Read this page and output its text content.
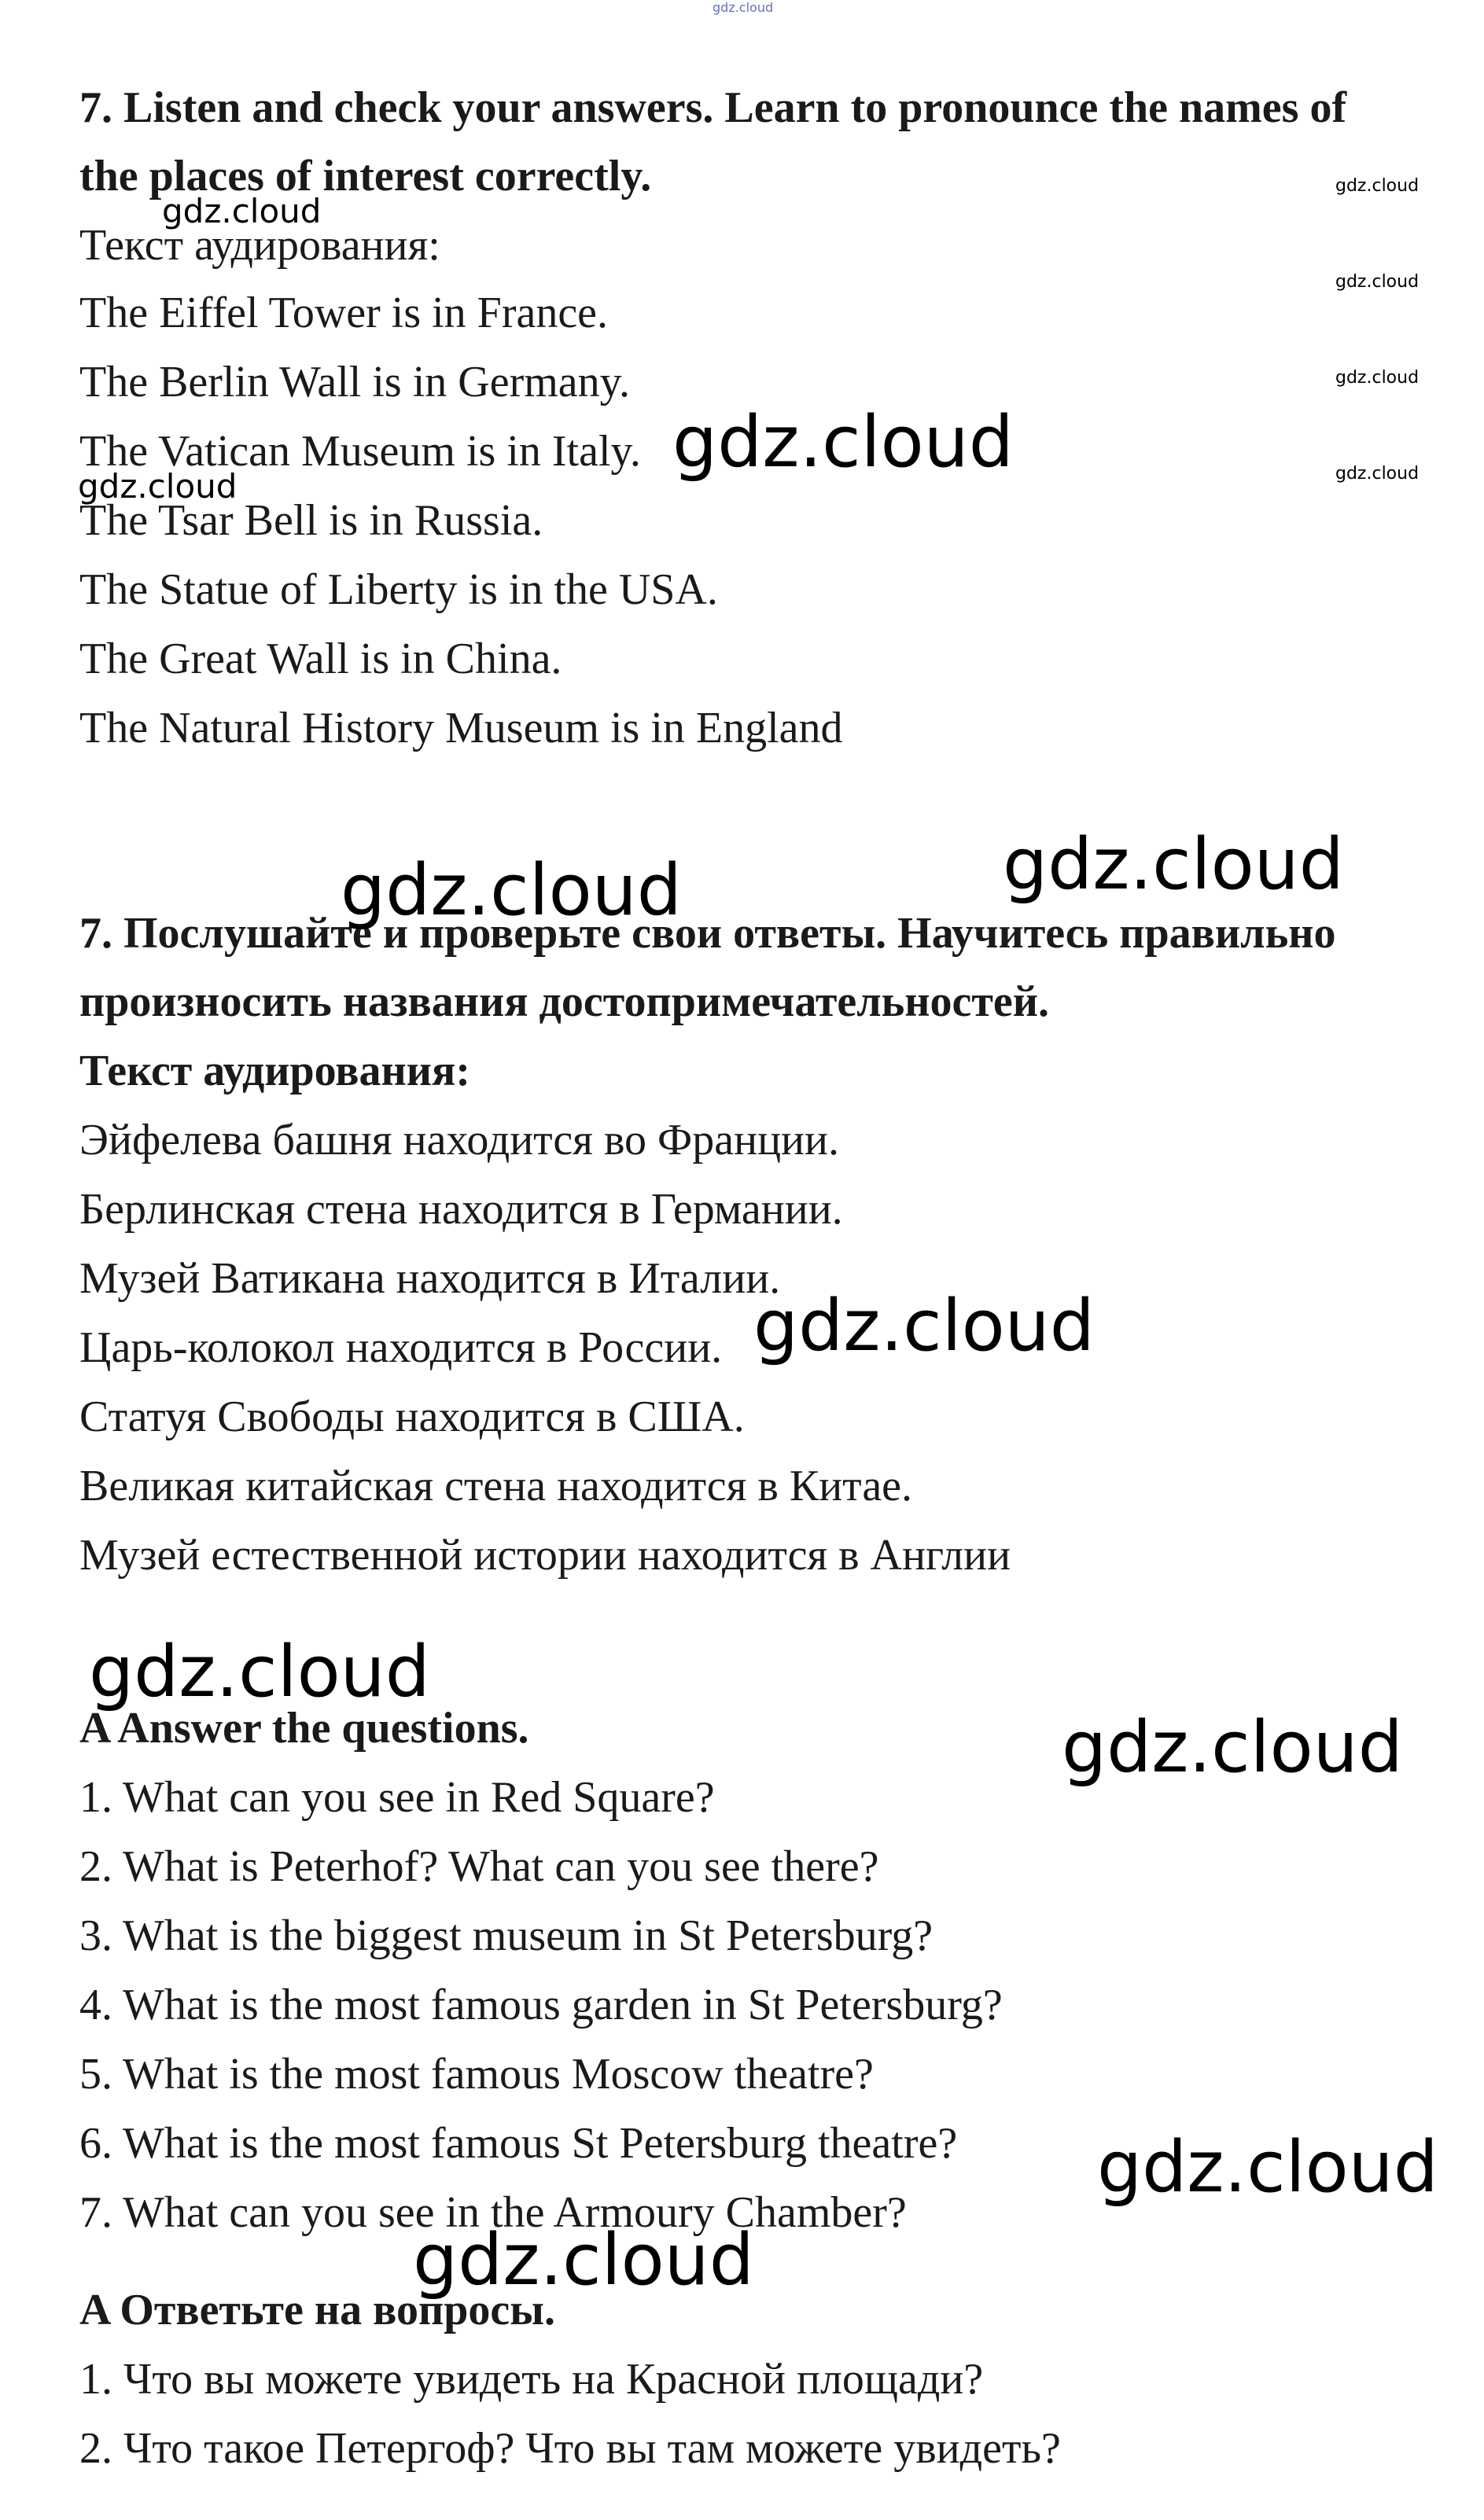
gdz.cloud

7. Listen and check your answers. Learn to pronounce the names of

the places of interest correctly.

Текст аудирования:

The Eiffel Tower is in France.

The Berlin Wall is in Germany.

The Vatican Museum is in Italy.

The Tsar Bell is in Russia.

The Statue of Liberty is in the USA.

The Great Wall is in China.

The Natural History Museum is in England

7. Послушайте и проверьте свои ответы. Научитесь правильно

произносить названия достопримечательностей.

Текст аудирования:

Эйфелева башня находится во Франции.

Берлинская стена находится в Германии.

Музей Ватикана находится в Италии.

Царь-колокол находится в России.

Статуя Свободы находится в США.

Великая китайская стена находится в Китае.

Музей естественной истории находится в Англии

A Answer the questions.

1. What can you see in Red Square?

2. What is Peterhof? What can you see there?

3. What is the biggest museum in St Petersburg?

4. What is the most famous garden in St Petersburg?

5. What is the most famous Moscow theatre?

6. What is the most famous St Petersburg theatre?

7. What can you see in the Armoury Chamber?

A Ответьте на вопросы.

1. Что вы можете увидеть на Красной площади?

2. Что такое Петергоф? Что вы там можете увидеть?

gdz.cloud
gdz.cloud
gdz.cloud
gdz.cloud
gdz.cloud
gdz.cloud
gdz.cloud
gdz.cloud	gdz.cloud
gdz.cloud
gdz.cloud
gdz.cloud
gdz.cloud
gdz.cloud
